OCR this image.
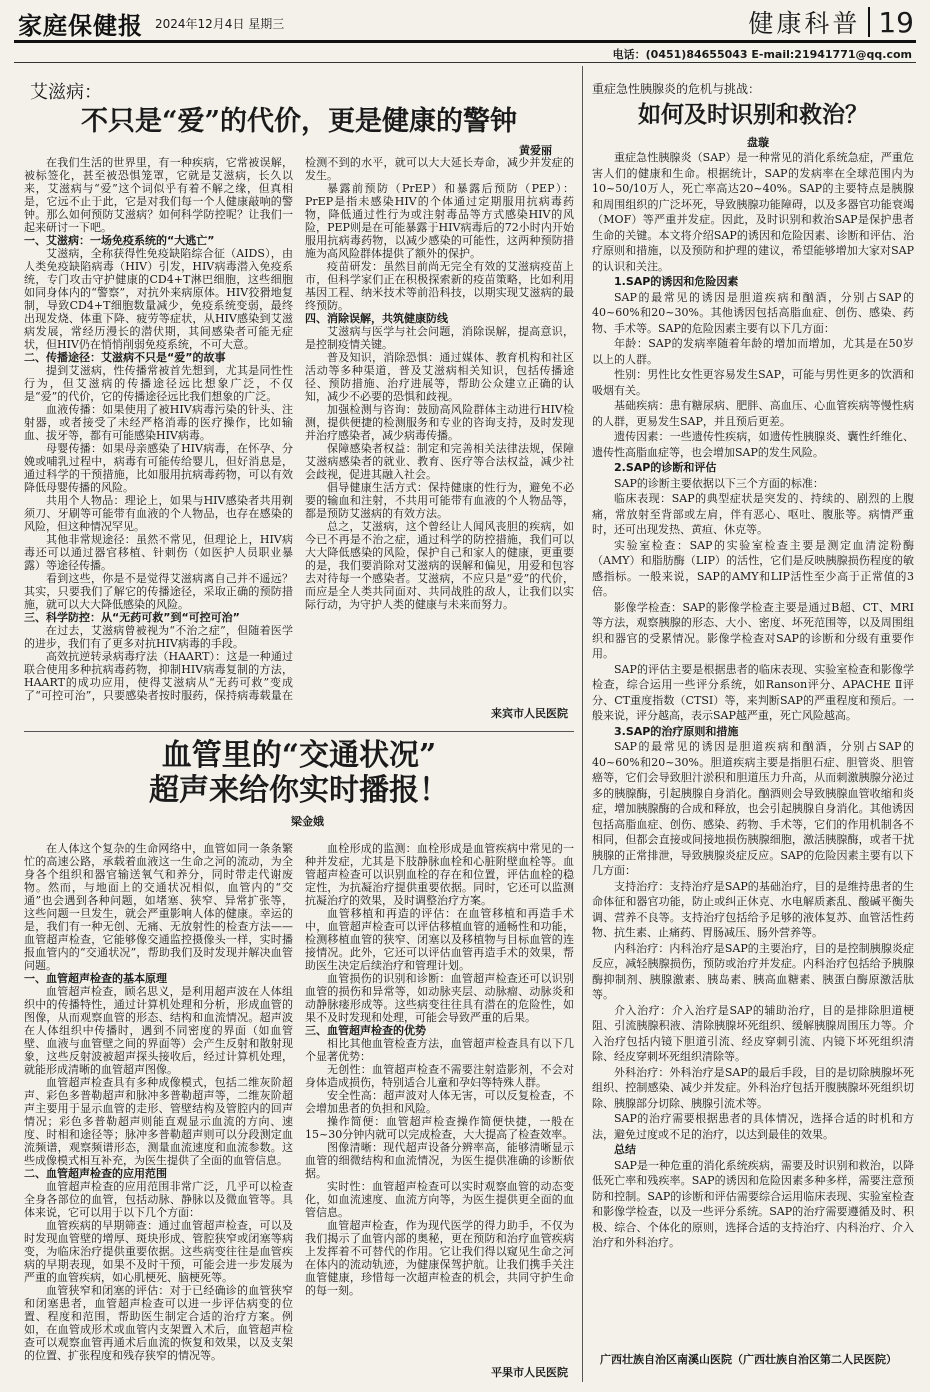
家庭保健报 2024年12月4日 星期三	健康科普 19
电话：(0451)84655043 E-mail:21941771@qq.com
艾滋病：
不只是“爱”的代价，更是健康的警钟
黄爱丽

在我们生活的世界里，有一种疾病，它常被误解，被标签化，甚至被恐惧笼罩，它就是艾滋病，长久以来，艾滋病与“爱”这个词似乎有着不解之缘，但真相是，它远不止于此，它是对我们每一个人健康敲响的警钟。那么如何预防艾滋病？如何科学防控呢？让我们一起来研讨一下吧。

一、艾滋病：一场免疫系统的“大逃亡”

艾滋病，全称获得性免疫缺陷综合征（AIDS），由人类免疫缺陷病毒（HIV）引发，HIV病毒潜入免疫系统，专门攻击守护健康的CD4+T淋巴细胞，这些细胞如同身体内的“警察”，对抗外来病原体。HIV狡猾地复制，导致CD4+T细胞数量减少，免疫系统变弱，最终出现发烧、体重下降、疲劳等症状，从HIV感染到艾滋病发展，常经历漫长的潜伏期，其间感染者可能无症状，但HIV仍在悄悄削弱免疫系统，不可大意。

二、传播途径：艾滋病不只是“爱”的故事

提到艾滋病，性传播常被首先想到，尤其是同性性行为，但艾滋病的传播途径远比想象广泛，不仅是“爱”的代价，它的传播途径远比我们想象的广泛。

血液传播：如果使用了被HIV病毒污染的针头、注射器，或者接受了未经严格消毒的医疗操作，比如输血、拔牙等，都有可能感染HIV病毒。

母婴传播：如果母亲感染了HIV病毒，在怀孕、分娩或哺乳过程中，病毒有可能传给婴儿，但好消息是，通过科学的干预措施，比如服用抗病毒药物，可以有效降低母婴传播的风险。

共用个人物品：理论上，如果与HIV感染者共用剃须刀、牙刷等可能带有血液的个人物品，也存在感染的风险，但这种情况罕见。

其他非常规途径：虽然不常见，但理论上，HIV病毒还可以通过器官移植、针刺伤（如医护人员职业暴露）等途径传播。

看到这些，你是不是觉得艾滋病离自己并不遥远？其实，只要我们了解它的传播途径，采取正确的预防措施，就可以大大降低感染的风险。

三、科学防控：从“无药可救”到“可控可治”

在过去，艾滋病曾被视为“不治之症”，但随着医学的进步，我们有了更多对抗HIV病毒的手段。

高效抗逆转录病毒疗法（HAART）：这是一种通过联合使用多种抗病毒药物，抑制HIV病毒复制的方法，HAART的成功应用，使得艾滋病从“无药可救”变成了“可控可治”，只要感染者按时服药，保持病毒载量在检测不到的水平，就可以大大延长寿命，减少并发症的发生。

暴露前预防（PrEP）和暴露后预防（PEP）：PrEP是指未感染HIV的个体通过定期服用抗病毒药物，降低通过性行为或注射毒品等方式感染HIV的风险，PEP则是在可能暴露于HIV病毒后的72小时内开始服用抗病毒药物，以减少感染的可能性，这两种预防措施为高风险群体提供了额外的保护。

疫苗研发：虽然目前尚无完全有效的艾滋病疫苗上市，但科学家们正在积极探索新的疫苗策略，比如利用基因工程、纳米技术等前沿科技，以期实现艾滋病的最终预防。

四、消除误解，共筑健康防线

艾滋病与医学与社会问题，消除误解，提高意识，是控制疫情关键。

普及知识，消除恐惧：通过媒体、教育机构和社区活动等多种渠道，普及艾滋病相关知识，包括传播途径、预防措施、治疗进展等，帮助公众建立正确的认知，减少不必要的恐惧和歧视。

加强检测与咨询：鼓励高风险群体主动进行HIV检测，提供便捷的检测服务和专业的咨询支持，及时发现并治疗感染者，减少病毒传播。

保障感染者权益：制定和完善相关法律法规，保障艾滋病感染者的就业、教育、医疗等合法权益，减少社会歧视，促进其融入社会。

倡导健康生活方式：保持健康的性行为，避免不必要的输血和注射，不共用可能带有血液的个人物品等，都是预防艾滋病的有效方法。

总之，艾滋病，这个曾经让人闻风丧胆的疾病，如今已不再是不治之症，通过科学的防控措施，我们可以大大降低感染的风险，保护自己和家人的健康，更重要的是，我们要消除对艾滋病的误解和偏见，用爱和包容去对待每一个感染者。艾滋病，不应只是“爱”的代价，而应是全人类共同面对、共同战胜的敌人，让我们以实际行动，为守护人类的健康与未来而努力。

来宾市人民医院
血管里的“交通状况”
超声来给你实时播报！
梁金娥

在人体这个复杂的生命网络中，血管如同一条条繁忙的高速公路，承载着血液这一生命之河的流动，为全身各个组织和器官输送氧气和养分，同时带走代谢废物。然而，与地面上的交通状况相似，血管内的“交通”也会遇到各种问题，如堵塞、狭窄、异常扩张等，这些问题一旦发生，就会严重影响人体的健康。幸运的是，我们有一种无创、无痛、无放射性的检查方法——血管超声检查，它能够像交通监控摄像头一样，实时播报血管内的“交通状况”，帮助我们及时发现并解决血管问题。

一、血管超声检查的基本原理

血管超声检查，顾名思义，是利用超声波在人体组织中的传播特性，通过计算机处理和分析，形成血管的图像，从而观察血管的形态、结构和血流情况。超声波在人体组织中传播时，遇到不同密度的界面（如血管壁、血液与血管壁之间的界面等）会产生反射和散射现象，这些反射波被超声探头接收后，经过计算机处理，就能形成清晰的血管超声图像。

血管超声检查具有多种成像模式，包括二维灰阶超声、彩色多普勒超声和脉冲多普勒超声等，二维灰阶超声主要用于显示血管的走形、管壁结构及管腔内的回声情况；彩色多普勒超声则能直观显示血流的方向、速度、时相和途径等；脉冲多普勒超声则可以分段测定血流频谱，观察频谱形态，测量血流速度和血流参数。这些成像模式相互补充，为医生提供了全面的血管信息。

二、血管超声检查的应用范围

血管超声检查的应用范围非常广泛，几乎可以检查全身各部位的血管，包括动脉、静脉以及微血管等。具体来说，它可以用于以下几个方面：

血管疾病的早期筛查：通过血管超声检查，可以及时发现血管壁的增厚、斑块形成、管腔狭窄或闭塞等病变，为临床治疗提供重要依据。这些病变往往是血管疾病的早期表现，如果不及时干预，可能会进一步发展为严重的血管疾病，如心肌梗死、脑梗死等。

血管狭窄和闭塞的评估：对于已经确诊的血管狭窄和闭塞患者，血管超声检查可以进一步评估病变的位置、程度和范围，帮助医生制定合适的治疗方案。例如，在血管成形术或血管内支架置入术后，血管超声检查可以观察血管再通术后血流的恢复和效果，以及支架的位置、扩张程度和残存狭窄的情况等。

血栓形成的监测：血栓形成是血管疾病中常见的一种并发症，尤其是下肢静脉血栓和心脏附壁血栓等。血管超声检查可以识别血栓的存在和位置，评估血栓的稳定性，为抗凝治疗提供重要依据。同时，它还可以监测抗凝治疗的效果，及时调整治疗方案。

血管移植和再造的评估：在血管移植和再造手术中，血管超声检查可以评估移植血管的通畅性和功能，检测移植血管的狭窄、闭塞以及移植物与目标血管的连接情况。此外，它还可以评估血管再造手术的效果，帮助医生决定后续治疗和管理计划。

血管损伤的识别和诊断：血管超声检查还可以识别血管的损伤和异常等，如动脉夹层、动脉瘤、动脉炎和动静脉瘘形成等。这些病变往往具有潜在的危险性，如果不及时发现和处理，可能会导致严重的后果。

三、血管超声检查的优势

相比其他血管检查方法，血管超声检查具有以下几个显著优势：

无创性：血管超声检查不需要注射造影剂，不会对身体造成损伤，特别适合儿童和孕妇等特殊人群。

安全性高：超声波对人体无害，可以反复检查，不会增加患者的负担和风险。

操作简便：血管超声检查操作简便快捷，一般在15~30分钟内就可以完成检查，大大提高了检查效率。

图像清晰：现代超声设备分辨率高，能够清晰显示血管的细微结构和血流情况，为医生提供准确的诊断依据。

实时性：血管超声检查可以实时观察血管的动态变化，如血流速度、血流方向等，为医生提供更全面的血管信息。

血管超声检查，作为现代医学的得力助手，不仅为我们揭示了血管内部的奥秘，更在预防和治疗血管疾病上发挥着不可替代的作用。它让我们得以窥见生命之河在体内的流动轨迹，为健康保驾护航。让我们携手关注血管健康，珍惜每一次超声检查的机会，共同守护生命的每一刻。

平果市人民医院
重症急性胰腺炎的危机与挑战：
如何及时识别和救治？
盘璇

重症急性胰腺炎（SAP）是一种常见的消化系统急症，严重危害人们的健康和生命。根据统计，SAP的发病率在全球范围内为10~50/10万人，死亡率高达20~40%。SAP的主要特点是胰腺和周围组织的广泛坏死，导致胰腺功能障碍，以及多器官功能衰竭（MOF）等严重并发症。因此，及时识别和救治SAP是保护患者生命的关键。本文将介绍SAP的诱因和危险因素、诊断和评估、治疗原则和措施，以及预防和护理的建议，希望能够增加大家对SAP的认识和关注。

1.SAP的诱因和危险因素

SAP的最常见的诱因是胆道疾病和酗酒，分别占SAP的40~60%和20~30%。其他诱因包括高脂血症、创伤、感染、药物、手术等。SAP的危险因素主要有以下几方面：

年龄：SAP的发病率随着年龄的增加而增加，尤其是在50岁以上的人群。

性别：男性比女性更容易发生SAP，可能与男性更多的饮酒和吸烟有关。

基础疾病：患有糖尿病、肥胖、高血压、心血管疾病等慢性病的人群，更易发生SAP，并且预后更差。

遗传因素：一些遗传性疾病，如遗传性胰腺炎、囊性纤维化、遗传性高脂血症等，也会增加SAP的发生风险。

2.SAP的诊断和评估

SAP的诊断主要依据以下三个方面的标准：

临床表现：SAP的典型症状是突发的、持续的、剧烈的上腹痛，常放射至背部或左肩，伴有恶心、呕吐、腹胀等。病情严重时，还可出现发热、黄疸、休克等。

实验室检查：SAP的实验室检查主要是测定血清淀粉酶（AMY）和脂肪酶（LIP）的活性，它们是反映胰腺损伤程度的敏感指标。一般来说，SAP的AMY和LIP活性至少高于正常值的3倍。

影像学检查：SAP的影像学检查主要是通过B超、CT、MRI等方法，观察胰腺的形态、大小、密度、坏死范围等，以及周围组织和器官的受累情况。影像学检查对SAP的诊断和分级有重要作用。

SAP的评估主要是根据患者的临床表现、实验室检查和影像学检查，综合运用一些评分系统，如Ranson评分、APACHE Ⅱ评分、CT重度指数（CTSI）等，来判断SAP的严重程度和预后。一般来说，评分越高，表示SAP越严重，死亡风险越高。

3.SAP的治疗原则和措施

SAP的最常见的诱因是胆道疾病和酗酒，分别占SAP的40~60%和20~30%。胆道疾病主要是指胆石症、胆管炎、胆管癌等，它们会导致胆汁淤积和胆道压力升高，从而刺激胰腺分泌过多的胰腺酶，引起胰腺自身消化。酗酒则会导致胰腺血管收缩和炎症，增加胰腺酶的合成和释放，也会引起胰腺自身消化。其他诱因包括高脂血症、创伤、感染、药物、手术等，它们的作用机制各不相同，但都会直接或间接地损伤胰腺细胞，激活胰腺酶，或者干扰胰腺的正常排泄，导致胰腺炎症反应。SAP的危险因素主要有以下几方面：

支持治疗：支持治疗是SAP的基础治疗，目的是维持患者的生命体征和器官功能，防止或纠正休克、水电解质紊乱、酸碱平衡失调、营养不良等。支持治疗包括给予足够的液体复苏、血管活性药物、抗生素、止痛药、胃肠减压、肠外营养等。

内科治疗：内科治疗是SAP的主要治疗，目的是控制胰腺炎症反应，减轻胰腺损伤，预防或治疗并发症。内科治疗包括给予胰腺酶抑制剂、胰腺激素、胰岛素、胰高血糖素、胰蛋白酶原激活肽等。

介入治疗：介入治疗是SAP的辅助治疗，目的是排除胆道梗阻、引流胰腺积液、清除胰腺坏死组织、缓解胰腺周围压力等。介入治疗包括内镜下胆道引流、经皮穿刺引流、内镜下坏死组织清除、经皮穿刺坏死组织清除等。

外科治疗：外科治疗是SAP的最后手段，目的是切除胰腺坏死组织、控制感染、减少并发症。外科治疗包括开腹胰腺坏死组织切除、胰腺部分切除、胰腺引流术等。

SAP的治疗需要根据患者的具体情况，选择合适的时机和方法，避免过度或不足的治疗，以达到最佳的效果。

总结

SAP是一种危重的消化系统疾病，需要及时识别和救治，以降低死亡率和残疾率。SAP的诱因和危险因素多种多样，需要注意预防和控制。SAP的诊断和评估需要综合运用临床表现、实验室检查和影像学检查，以及一些评分系统。SAP的治疗需要遵循及时、积极、综合、个体化的原则，选择合适的支持治疗、内科治疗、介入治疗和外科治疗。

广西壮族自治区南溪山医院（广西壮族自治区第二人民医院）
